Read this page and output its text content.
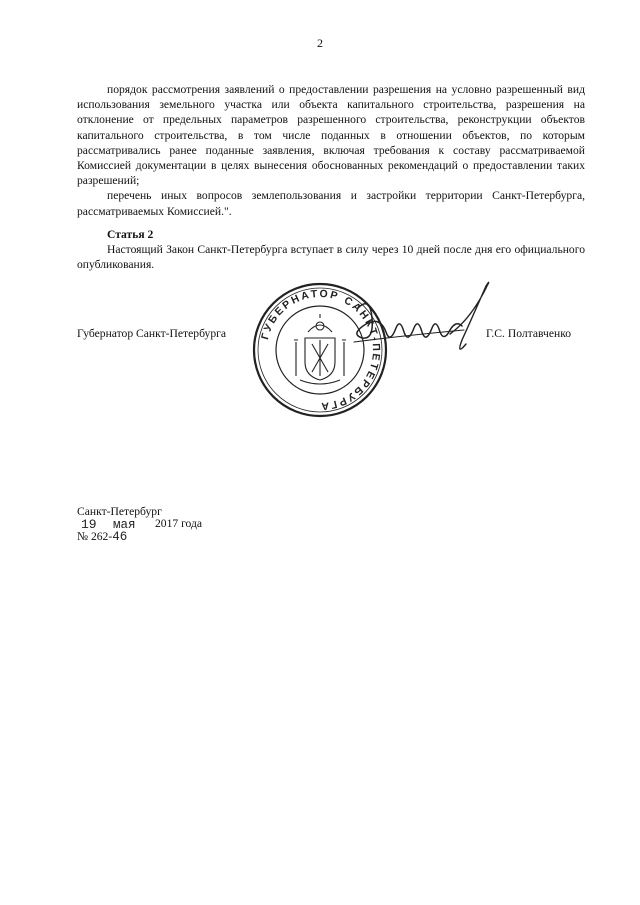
2

порядок рассмотрения заявлений о предоставлении разрешения на условно разрешенный вид использования земельного участка или объекта капитального строительства, разрешения на отклонение от предельных параметров разрешенного строительства, реконструкции объектов капитального строительства, в том числе поданных в отношении объектов, по которым рассматривались ранее поданные заявления, включая требования к составу рассматриваемой Комиссией документации в целях вынесения обоснованных рекомендаций о предоставлении таких разрешений;

перечень иных вопросов землепользования и застройки территории Санкт-Петербурга, рассматриваемых Комиссией.".

Статья 2

Настоящий Закон Санкт-Петербурга вступает в силу через 10 дней после дня его официального опубликования.

Губернатор Санкт-Петербурга	Г.С. Полтавченко
ГУБЕРНАТОР САНКТ-ПЕТЕРБУРГА
Санкт-Петербург
19 мая 2017 года
№ 262-46
